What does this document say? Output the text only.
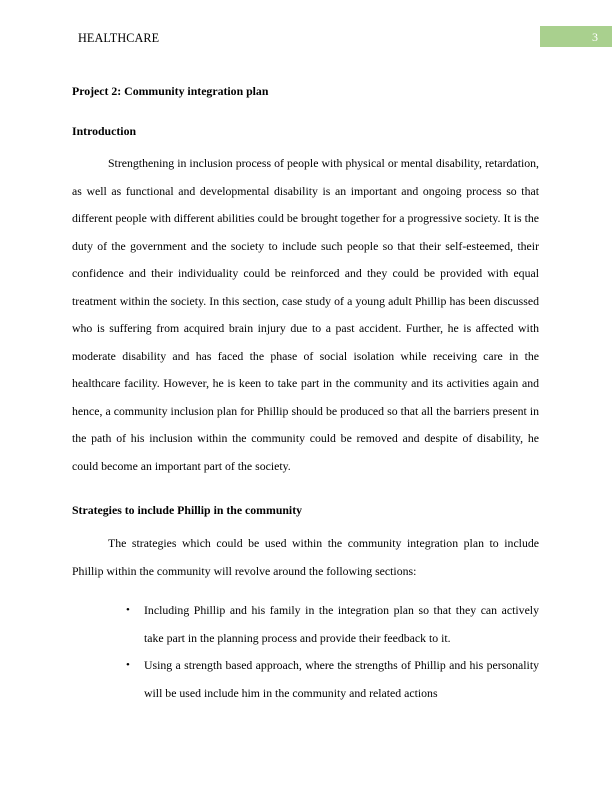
HEALTHCARE	3
Project 2: Community integration plan
Introduction

Strengthening in inclusion process of people with physical or mental disability, retardation, as well as functional and developmental disability is an important and ongoing process so that different people with different abilities could be brought together for a progressive society. It is the duty of the government and the society to include such people so that their self-esteemed, their confidence and their individuality could be reinforced and they could be provided with equal treatment within the society. In this section, case study of a young adult Phillip has been discussed who is suffering from acquired brain injury due to a past accident. Further, he is affected with moderate disability and has faced the phase of social isolation while receiving care in the healthcare facility. However, he is keen to take part in the community and its activities again and hence, a community inclusion plan for Phillip should be produced so that all the barriers present in the path of his inclusion within the community could be removed and despite of disability, he could become an important part of the society.

Strategies to include Phillip in the community

The strategies which could be used within the community integration plan to include Phillip within the community will revolve around the following sections:

• Including Phillip and his family in the integration plan so that they can actively take part in the planning process and provide their feedback to it.
• Using a strength based approach, where the strengths of Phillip and his personality will be used include him in the community and related actions
